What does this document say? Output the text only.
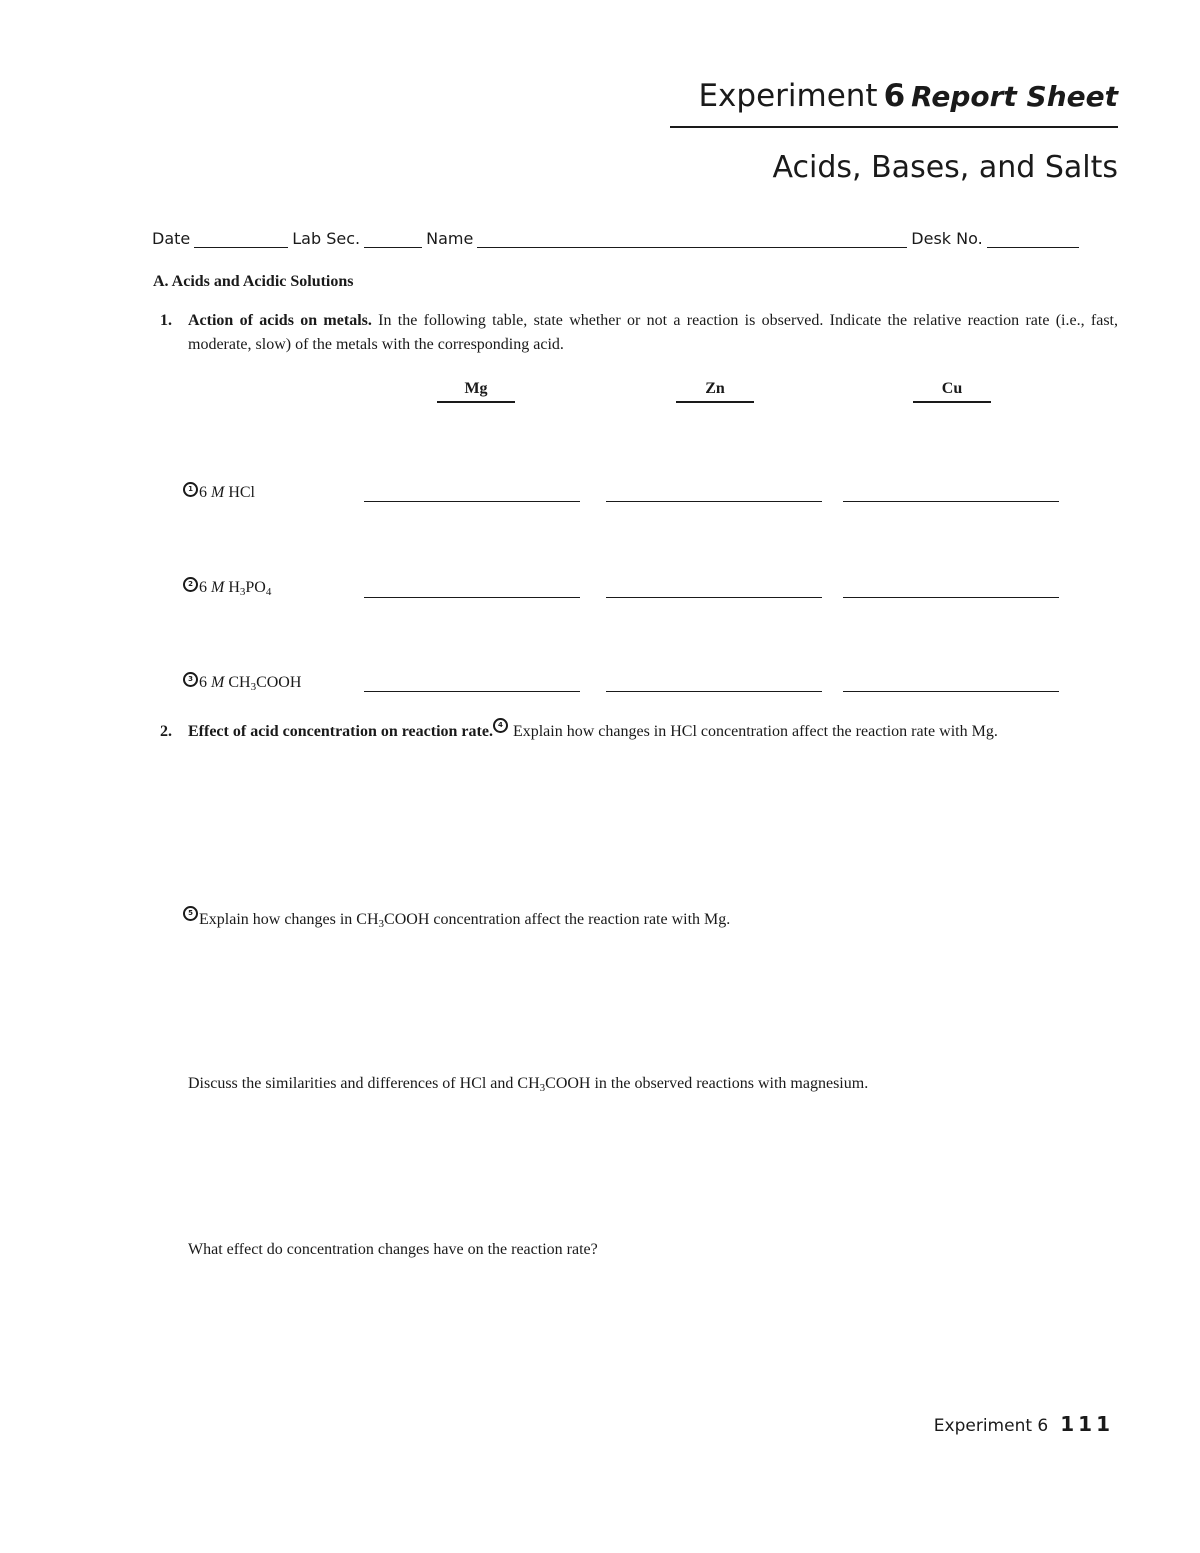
Experiment 6 Report Sheet
Acids, Bases, and Salts
Date	Lab Sec.	Name	Desk No.
A. Acids and Acidic Solutions
1. Action of acids on metals. In the following table, state whether or not a reaction is observed. Indicate the relative reaction rate (i.e., fast, moderate, slow) of the metals with the corresponding acid.
Mg	Zn	Cu
1 6 M HCl
2 6 M $H_3PO_4$
3 6 M $CH_3COOH$
2. Effect of acid concentration on reaction rate. 4 Explain how changes in HCl concentration affect the reaction rate with Mg.
5 Explain how changes in $CH_3COOH$ concentration affect the reaction rate with Mg.
Discuss the similarities and differences of HCl and $CH_3COOH$ in the observed reactions with magnesium.
What effect do concentration changes have on the reaction rate?
Experiment 6 111
